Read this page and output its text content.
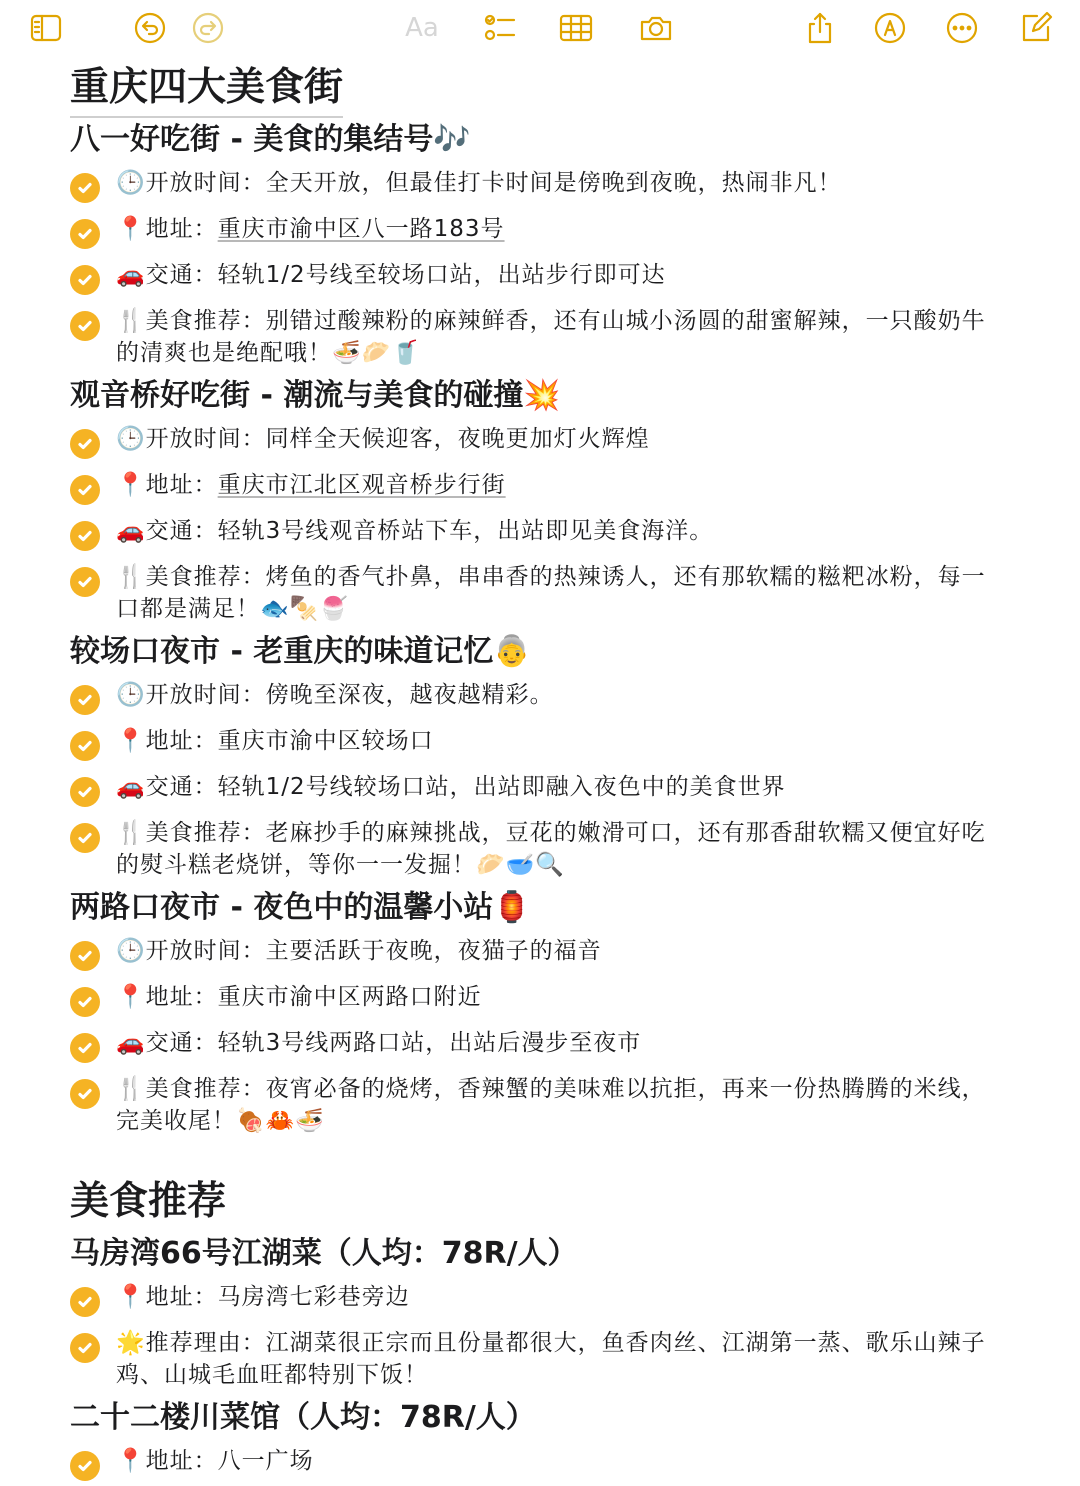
Aa
重庆四大美食街
八一好吃街 - 美食的集结号🎶
🕒开放时间：全天开放，但最佳打卡时间是傍晚到夜晚，热闹非凡！
📍地址：重庆市渝中区八一路183号
🚗交通：轻轨1/2号线至较场口站，出站步行即可达
🍴美食推荐：别错过酸辣粉的麻辣鲜香，还有山城小汤圆的甜蜜解辣，一只酸奶牛的清爽也是绝配哦！🍜🥟🥤
观音桥好吃街 - 潮流与美食的碰撞💥
🕒开放时间：同样全天候迎客，夜晚更加灯火辉煌
📍地址：重庆市江北区观音桥步行街
🚗交通：轻轨3号线观音桥站下车，出站即见美食海洋。
🍴美食推荐：烤鱼的香气扑鼻，串串香的热辣诱人，还有那软糯的糍粑冰粉，每一口都是满足！🐟🍢🍧
较场口夜市 - 老重庆的味道记忆👵
🕒开放时间：傍晚至深夜，越夜越精彩。
📍地址：重庆市渝中区较场口
🚗交通：轻轨1/2号线较场口站，出站即融入夜色中的美食世界
🍴美食推荐：老麻抄手的麻辣挑战，豆花的嫩滑可口，还有那香甜软糯又便宜好吃的熨斗糕老烧饼，等你一一发掘！🥟🥣🔍
两路口夜市 - 夜色中的温馨小站🏮
🕒开放时间：主要活跃于夜晚，夜猫子的福音
📍地址：重庆市渝中区两路口附近
🚗交通：轻轨3号线两路口站，出站后漫步至夜市
🍴美食推荐：夜宵必备的烧烤，香辣蟹的美味难以抗拒，再来一份热腾腾的米线，完美收尾！🍖🦀🍜
美食推荐
马房湾66号江湖菜（人均：78R/人）
📍地址：马房湾七彩巷旁边
🌟推荐理由：江湖菜很正宗而且份量都很大，鱼香肉丝、江湖第一蒸、歌乐山辣子鸡、山城毛血旺都特别下饭！
二十二楼川菜馆（人均：78R/人）
📍地址：八一广场
